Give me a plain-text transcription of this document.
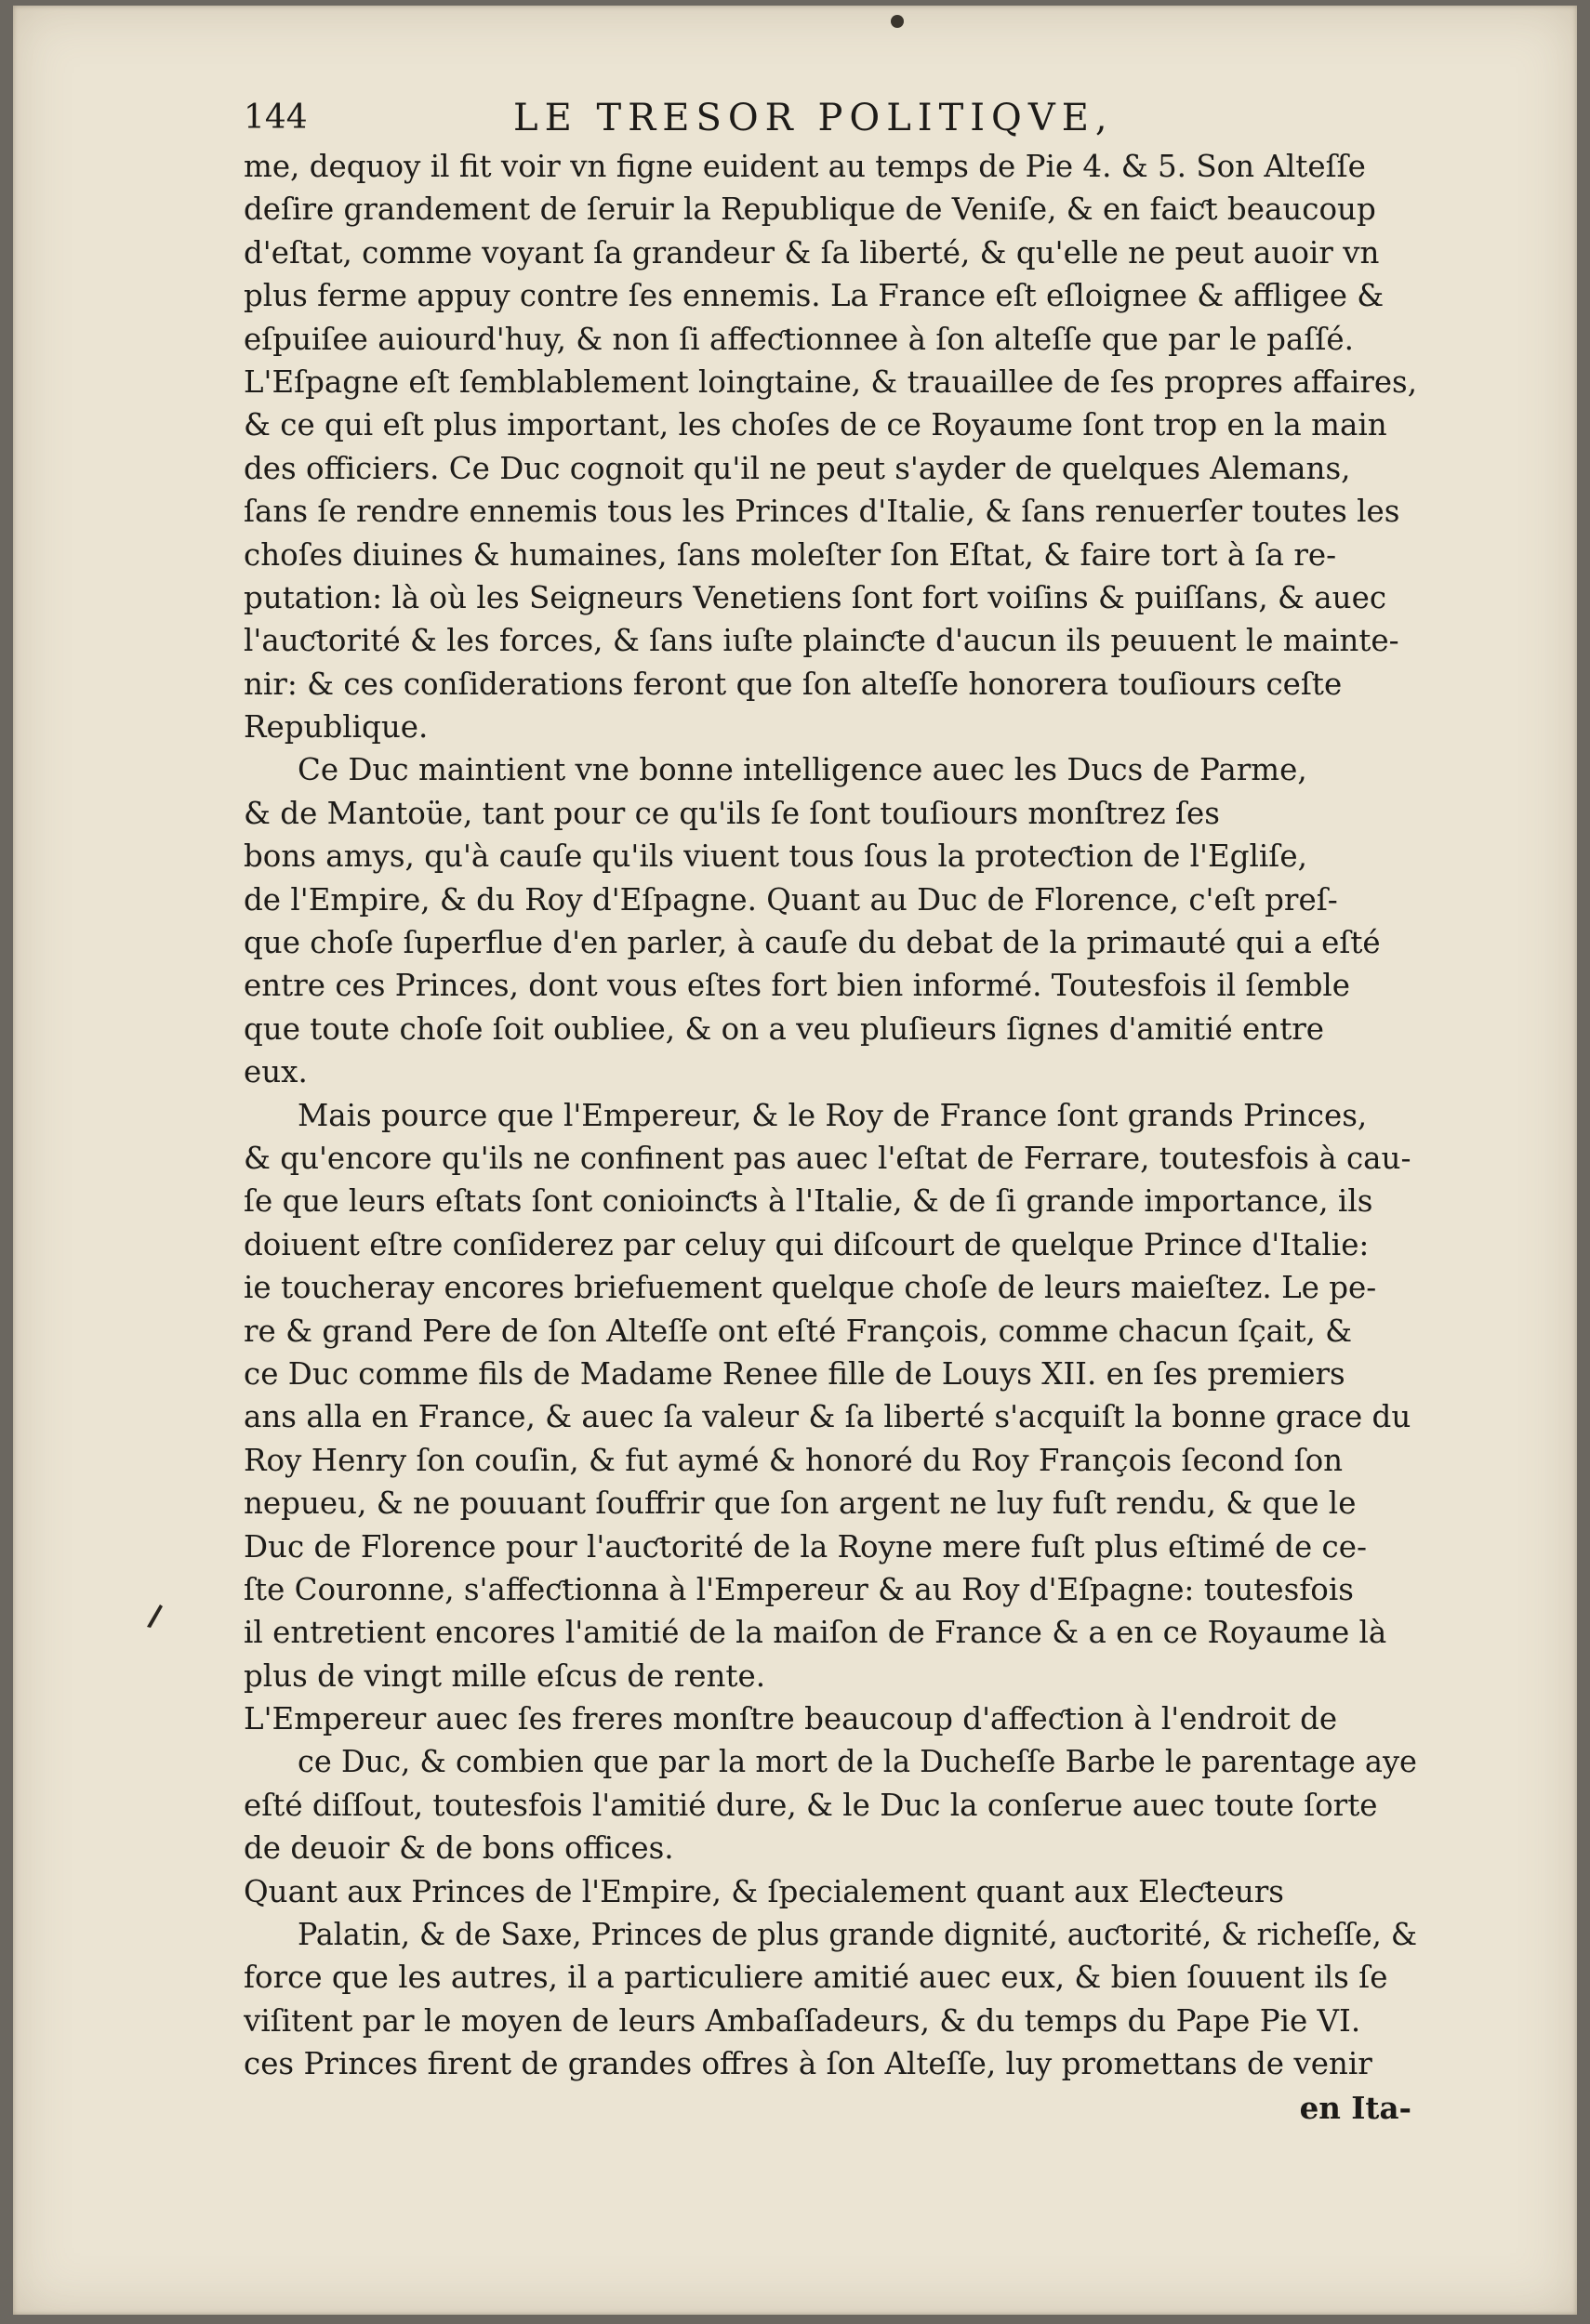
144	LE TRESOR POLITIQVE,
me, dequoy il fit voir vn figne euident au temps de Pie 4. & 5. Son Alteſſe
deſire grandement de ſeruir la Republique de Veniſe, & en faiƈt beaucoup
d'eſtat, comme voyant ſa grandeur & ſa liberté, & qu'elle ne peut auoir vn
plus ferme appuy contre ſes ennemis. La France eſt eſloignee & affligee &
eſpuiſee auiourd'huy, & non ſi affeƈtionnee à ſon alteſſe que par le paſſé.
L'Eſpagne eſt ſemblablement loingtaine, & trauaillee de ſes propres affaires,
& ce qui eſt plus important, les choſes de ce Royaume ſont trop en la main
des officiers. Ce Duc cognoit qu'il ne peut s'ayder de quelques Alemans,
ſans ſe rendre ennemis tous les Princes d'Italie, & ſans renuerſer toutes les
choſes diuines & humaines, ſans moleſter ſon Eſtat, & faire tort à ſa re-
putation: là où les Seigneurs Venetiens ſont fort voiſins & puiſſans, & auec
l'auƈtorité & les forces, & ſans iuſte plainƈte d'aucun ils peuuent le mainte-
nir: & ces conſiderations feront que ſon alteſſe honorera touſiours ceſte
Republique.
Ce Duc maintient vne bonne intelligence auec les Ducs de Parme,
& de Mantoüe, tant pour ce qu'ils ſe ſont touſiours monſtrez ſes
bons amys, qu'à cauſe qu'ils viuent tous ſous la proteƈtion de l'Egliſe,
de l'Empire, & du Roy d'Eſpagne. Quant au Duc de Florence, c'eſt preſ-
que choſe ſuperflue d'en parler, à cauſe du debat de la primauté qui a eſté
entre ces Princes, dont vous eſtes fort bien informé. Toutesfois il ſemble
que toute choſe ſoit oubliee, & on a veu pluſieurs ſignes d'amitié entre
eux.
Mais pource que l'Empereur, & le Roy de France ſont grands Princes,
& qu'encore qu'ils ne confinent pas auec l'eſtat de Ferrare, toutesfois à cau-
ſe que leurs eſtats ſont conioinƈts à l'Italie, & de ſi grande importance, ils
doiuent eſtre conſiderez par celuy qui diſcourt de quelque Prince d'Italie:
ie toucheray encores briefuement quelque choſe de leurs maieſtez. Le pe-
re & grand Pere de ſon Alteſſe ont eſté François, comme chacun ſçait, &
ce Duc comme fils de Madame Renee fille de Louys XII. en ſes premiers
ans alla en France, & auec ſa valeur & ſa liberté s'acquiſt la bonne grace du
Roy Henry ſon couſin, & fut aymé & honoré du Roy François ſecond ſon
nepueu, & ne pouuant ſouffrir que ſon argent ne luy fuſt rendu, & que le
Duc de Florence pour l'auƈtorité de la Royne mere fuſt plus eſtimé de ce-
ſte Couronne, s'affeƈtionna à l'Empereur & au Roy d'Eſpagne: toutesfois
il entretient encores l'amitié de la maiſon de France & a en ce Royaume là
plus de vingt mille eſcus de rente.
L'Empereur auec ſes freres monſtre beaucoup d'affeƈtion à l'endroit de
ce Duc, & combien que par la mort de la Ducheſſe Barbe le parentage aye
eſté diſſout, toutesfois l'amitié dure, & le Duc la conſerue auec toute ſorte
de deuoir & de bons offices.
Quant aux Princes de l'Empire, & ſpecialement quant aux Eleƈteurs
Palatin, & de Saxe, Princes de plus grande dignité, auƈtorité, & richeſſe, &
force que les autres, il a particuliere amitié auec eux, & bien ſouuent ils ſe
viſitent par le moyen de leurs Ambaſſadeurs, & du temps du Pape Pie VI.
ces Princes firent de grandes offres à ſon Alteſſe, luy promettans de venir
en Ita-
